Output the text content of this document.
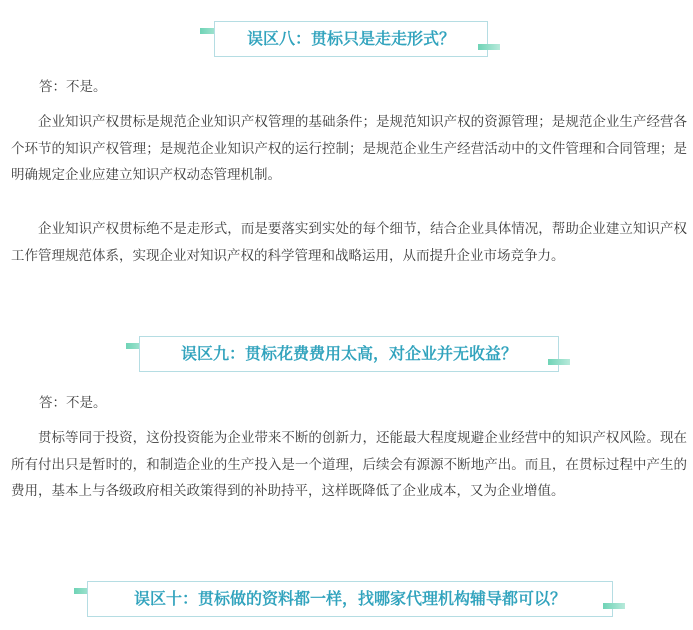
误区八：贯标只是走走形式？

答：不是。

企业知识产权贯标是规范企业知识产权管理的基础条件；是规范知识产权的资源管理；是规范企业生产经营各个环节的知识产权管理；是规范企业知识产权的运行控制；是规范企业生产经营活动中的文件管理和合同管理；是明确规定企业应建立知识产权动态管理机制。

企业知识产权贯标绝不是走形式，而是要落实到实处的每个细节，结合企业具体情况，帮助企业建立知识产权工作管理规范体系，实现企业对知识产权的科学管理和战略运用，从而提升企业市场竞争力。

误区九：贯标花费费用太高，对企业并无收益？

答：不是。

贯标等同于投资，这份投资能为企业带来不断的创新力，还能最大程度规避企业经营中的知识产权风险。现在所有付出只是暂时的，和制造企业的生产投入是一个道理，后续会有源源不断地产出。而且，在贯标过程中产生的费用，基本上与各级政府相关政策得到的补助持平，这样既降低了企业成本，又为企业增值。

误区十：贯标做的资料都一样，找哪家代理机构辅导都可以？
